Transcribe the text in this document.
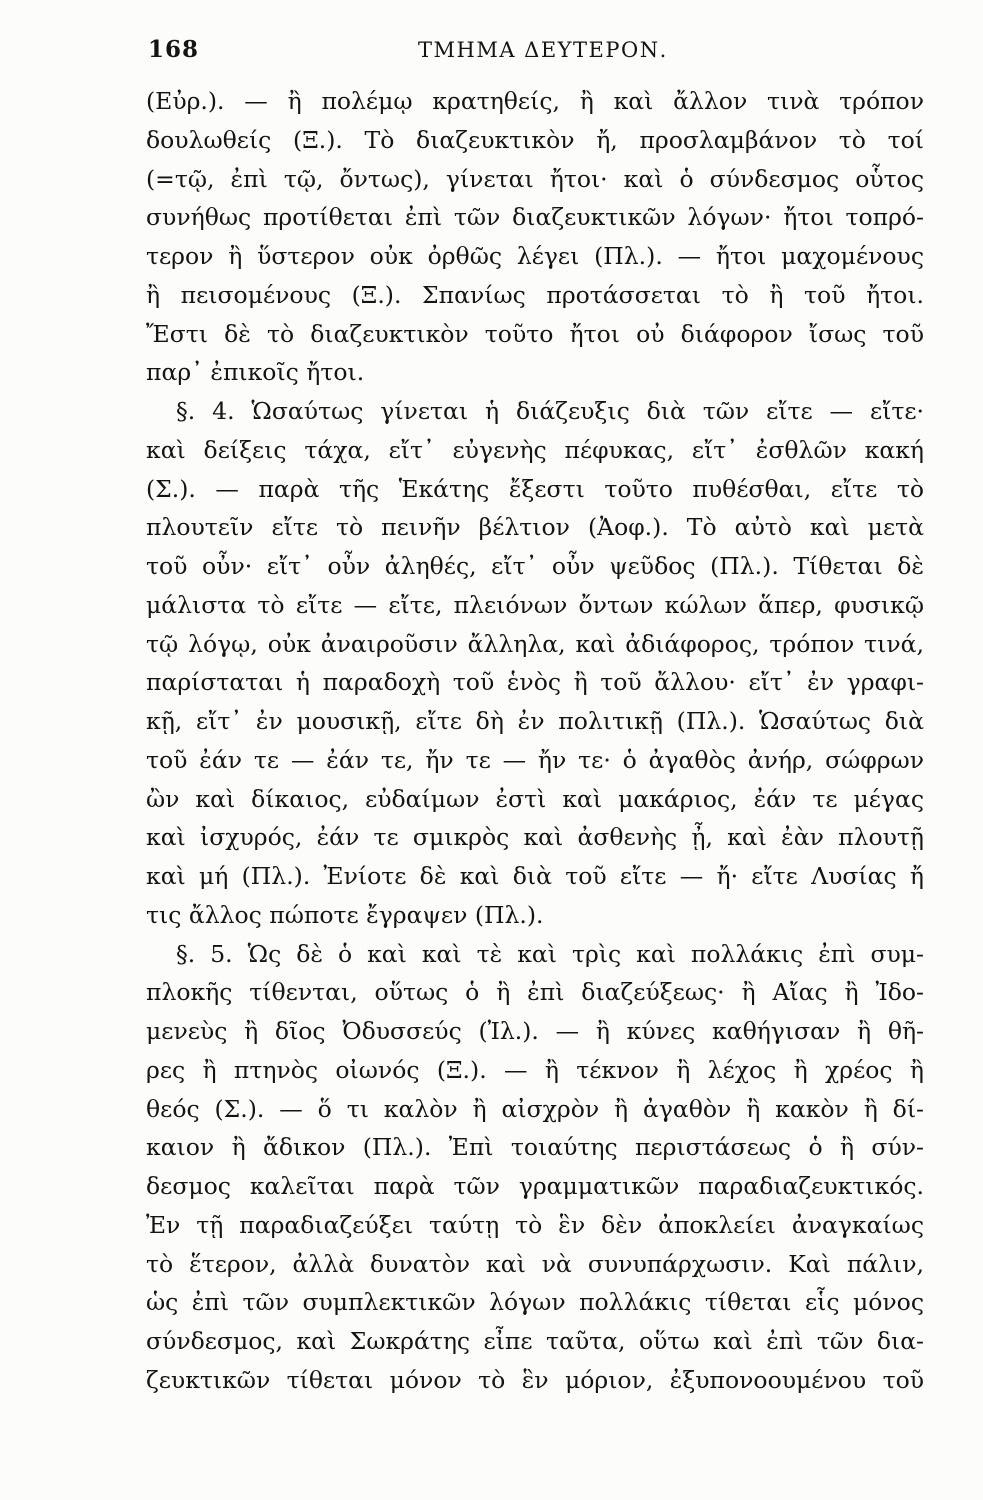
168	ΤΜΗΜΑ ΔΕΥΤΕΡΟΝ.
(Εὐρ.). — ἢ πολέμῳ κρατηθείς, ἢ καὶ ἄλλον τινὰ τρόπον
δουλωθείς (Ξ.). Τὸ διαζευκτικὸν ἤ, προσλαμβάνον τὸ τοί
(=τῷ, ἐπὶ τῷ, ὄντως), γίνεται ἤτοι· καὶ ὁ σύνδεσμος οὗτος
συνήθως προτίθεται ἐπὶ τῶν διαζευκτικῶν λόγων· ἤτοι τοπρό-
τερον ἢ ὕστερον οὐκ ὀρθῶς λέγει (Πλ.). — ἤτοι μαχομένους
ἢ πεισομένους (Ξ.). Σπανίως προτάσσεται τὸ ἢ τοῦ ἤτοι.
Ἔστι δὲ τὸ διαζευκτικὸν τοῦτο ἤτοι οὐ διάφορον ἴσως τοῦ
παρ᾿ ἐπικοῖς ἤτοι.
§. 4. Ὡσαύτως γίνεται ἡ διάζευξις διὰ τῶν εἴτε — εἴτε·
καὶ δείξεις τάχα, εἴτ᾿ εὐγενὴς πέφυκας, εἴτ᾿ ἐσθλῶν κακή
(Σ.). — παρὰ τῆς Ἑκάτης ἔξεστι τοῦτο πυθέσθαι, εἴτε τὸ
πλουτεῖν εἴτε τὸ πεινῆν βέλτιον (Ἀοφ.). Τὸ αὐτὸ καὶ μετὰ
τοῦ οὖν· εἴτ᾿ οὖν ἀληθές, εἴτ᾿ οὖν ψεῦδος (Πλ.). Τίθεται δὲ
μάλιστα τὸ εἴτε — εἴτε, πλειόνων ὄντων κώλων ἅπερ, φυσικῷ
τῷ λόγῳ, οὐκ ἀναιροῦσιν ἄλληλα, καὶ ἀδιάφορος, τρόπον τινά,
παρίσταται ἡ παραδοχὴ τοῦ ἑνὸς ἢ τοῦ ἄλλου· εἴτ᾿ ἐν γραφι-
κῇ, εἴτ᾿ ἐν μουσικῇ, εἴτε δὴ ἐν πολιτικῇ (Πλ.). Ὡσαύτως διὰ
τοῦ ἐάν τε — ἐάν τε, ἤν τε — ἤν τε· ὁ ἀγαθὸς ἀνήρ, σώφρων
ὢν καὶ δίκαιος, εὐδαίμων ἐστὶ καὶ μακάριος, ἐάν τε μέγας
καὶ ἰσχυρός, ἐάν τε σμικρὸς καὶ ἀσθενὴς ᾖ, καὶ ἐὰν πλουτῇ
καὶ μή (Πλ.). Ἐνίοτε δὲ καὶ διὰ τοῦ εἴτε — ἤ· εἴτε Λυσίας ἤ
τις ἄλλος πώποτε ἔγραψεν (Πλ.).
§. 5. Ὡς δὲ ὁ καὶ καὶ τὲ καὶ τρὶς καὶ πολλάκις ἐπὶ συμ-
πλοκῆς τίθενται, οὕτως ὁ ἢ ἐπὶ διαζεύξεως· ἢ Αἴας ἢ Ἰδο-
μενεὺς ἢ δῖος Ὀδυσσεύς (Ἰλ.). — ἢ κύνες καθήγισαν ἢ θῆ-
ρες ἢ πτηνὸς οἰωνός (Ξ.). — ἢ τέκνον ἢ λέχος ἢ χρέος ἢ
θεός (Σ.). — ὅ τι καλὸν ἢ αἰσχρὸν ἢ ἀγαθὸν ἢ κακὸν ἢ δί-
καιον ἢ ἄδικον (Πλ.). Ἐπὶ τοιαύτης περιστάσεως ὁ ἢ σύν-
δεσμος καλεῖται παρὰ τῶν γραμματικῶν παραδιαζευκτικός.
Ἐν τῇ παραδιαζεύξει ταύτῃ τὸ ἓν δὲν ἀποκλείει ἀναγκαίως
τὸ ἕτερον, ἀλλὰ δυνατὸν καὶ νὰ συνυπάρχωσιν. Καὶ πάλιν,
ὡς ἐπὶ τῶν συμπλεκτικῶν λόγων πολλάκις τίθεται εἷς μόνος
σύνδεσμος, καὶ Σωκράτης εἶπε ταῦτα, οὕτω καὶ ἐπὶ τῶν δια-
ζευκτικῶν τίθεται μόνον τὸ ἓν μόριον, ἐξυπονοουμένου τοῦ
